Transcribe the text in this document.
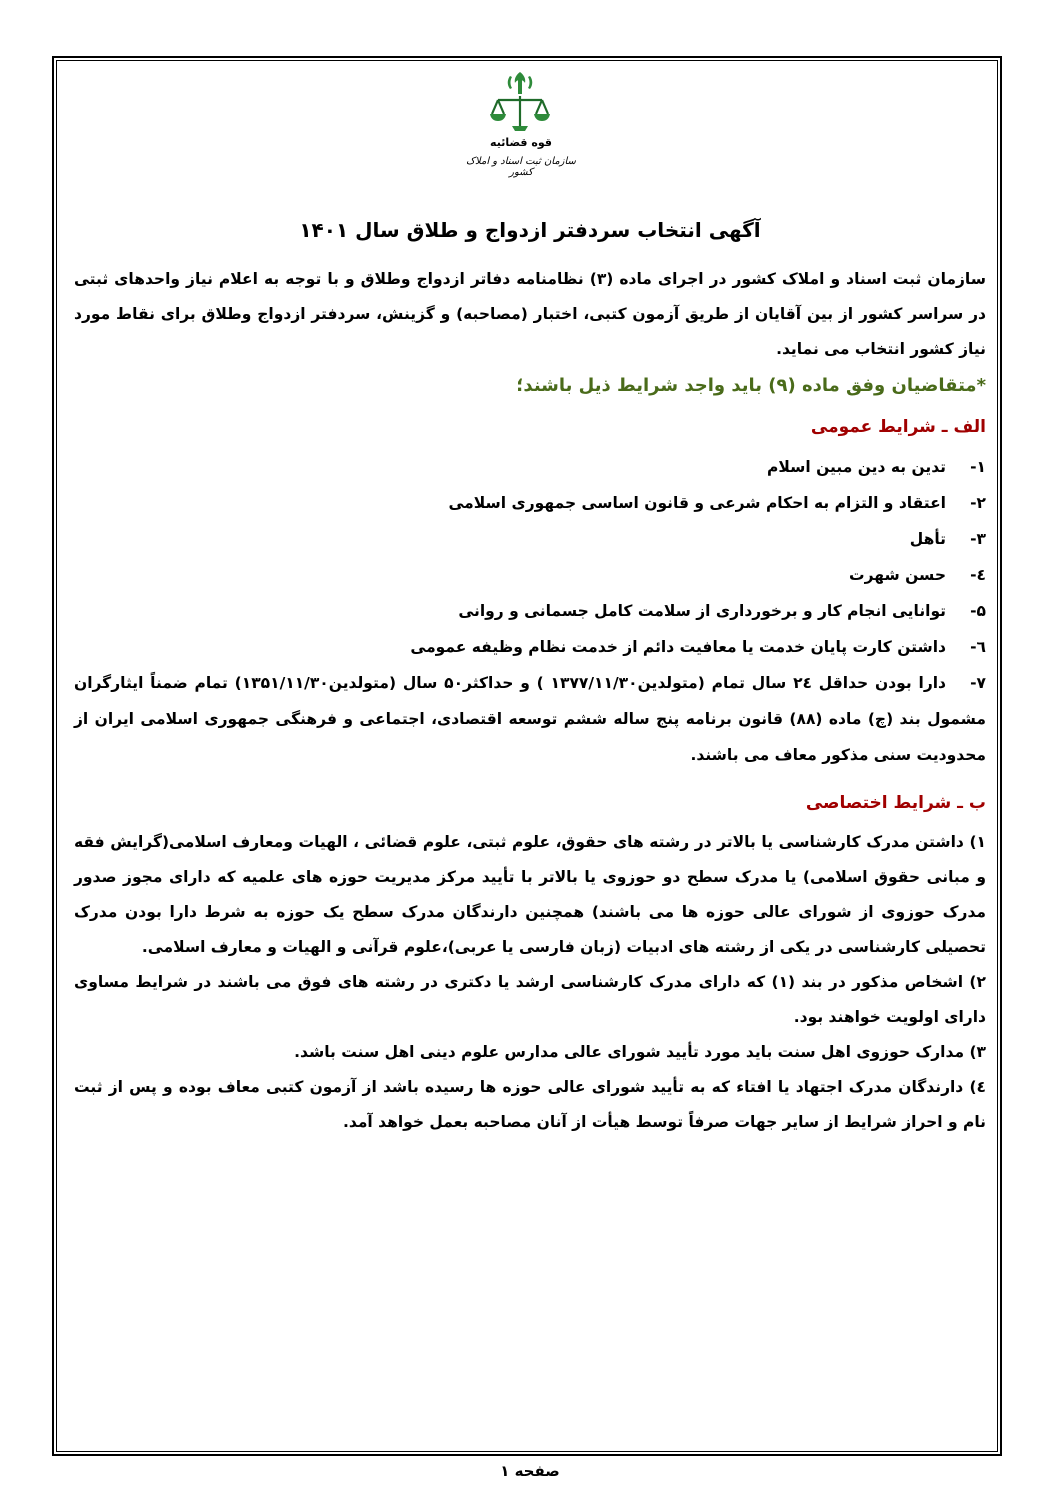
قوه قضائیه
سازمان ثبت اسناد و املاک کشور
آگهی انتخاب سردفتر ازدواج و طلاق سال ۱۴۰۱

سازمان ثبت اسناد و املاک کشور در اجرای ماده (۳) نظامنامه دفاتر ازدواج وطلاق و با توجه به اعلام نیاز واحدهای ثبتی در سراسر کشور از بین آقایان از طریق آزمون کتبی، اختبار (مصاحبه) و گزینش، سردفتر ازدواج وطلاق برای نقاط مورد نیاز کشور انتخاب می نماید.

*متقاضیان وفق ماده (۹) باید واجد شرایط ذیل باشند؛
الف ـ شرایط عمومی
۱-تدین به دین مبین اسلام
۲-اعتقاد و التزام به احکام شرعی و قانون اساسی جمهوری اسلامی
۳-تأهل
٤-حسن شهرت
۵-توانایی انجام کار و برخورداری از سلامت کامل جسمانی و روانی
٦-داشتن کارت پایان خدمت یا معافیت دائم از خدمت نظام وظیفه عمومی
۷-دارا بودن حداقل ۲٤ سال تمام (متولدین۱۳۷۷/۱۱/۳۰ ) و حداکثر۵۰ سال (متولدین۱۳۵۱/۱۱/۳۰) تمام ضمناً ایثارگران مشمول بند (چ) ماده (۸۸) قانون برنامه پنج ساله ششم توسعه اقتصادی، اجتماعی و فرهنگی جمهوری اسلامی ایران از محدودیت سنی مذکور معاف می باشند.
ب ـ شرایط اختصاصی

۱) داشتن مدرک کارشناسی یا بالاتر در رشته های حقوق، علوم ثبتی، علوم قضائی ، الهیات ومعارف اسلامی(گرایش فقه و مبانی حقوق اسلامی) یا مدرک سطح دو حوزوی یا بالاتر با تأیید مرکز مدیریت حوزه های علمیه که دارای مجوز صدور مدرک حوزوی از شورای عالی حوزه ها می باشند) همچنین دارندگان مدرک سطح یک حوزه به شرط دارا بودن مدرک تحصیلی کارشناسی در یکی از رشته های ادبیات (زبان فارسی یا عربی)،علوم قرآنی و الهیات و معارف اسلامی.

۲) اشخاص مذکور در بند (۱) که دارای مدرک کارشناسی ارشد یا دکتری در رشته های فوق می باشند در شرایط مساوی دارای اولویت خواهند بود.

۳) مدارک حوزوی اهل سنت باید مورد تأیید شورای عالی مدارس علوم دینی اهل سنت باشد.

٤) دارندگان مدرک اجتهاد یا افتاء که به تأیید شورای عالی حوزه ها رسیده باشد از آزمون کتبی معاف بوده و پس از ثبت نام و احراز شرایط از سایر جهات صرفاً توسط هیأت از آنان مصاحبه بعمل خواهد آمد.

صفحه ۱
